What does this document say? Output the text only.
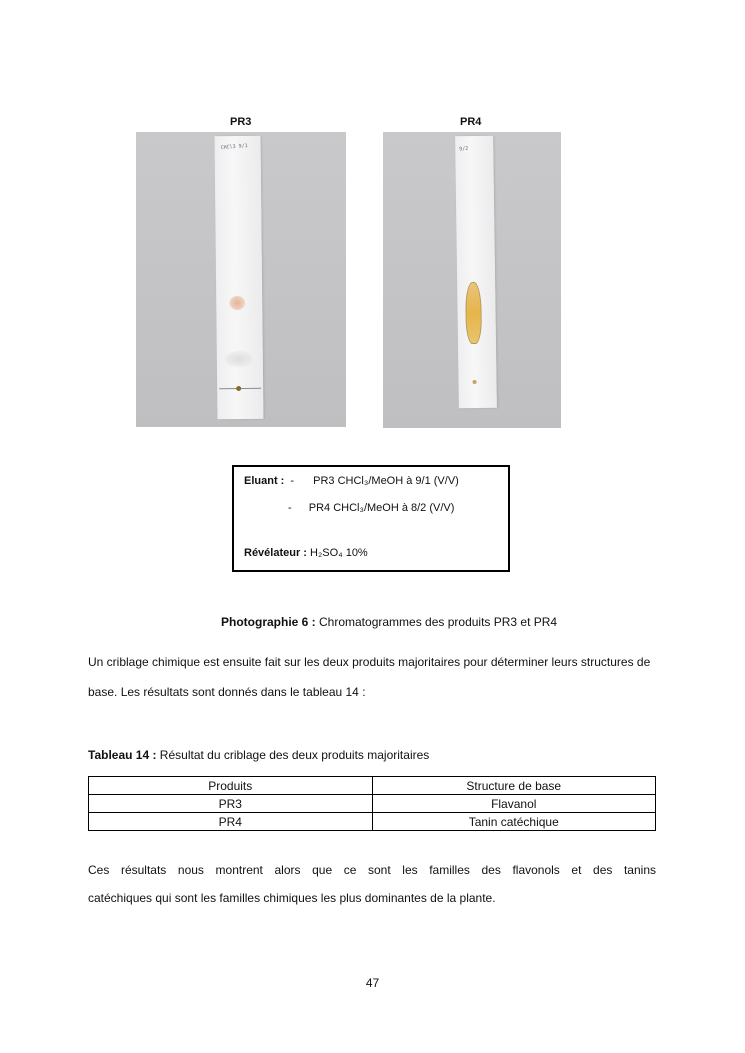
PR3	PR4
CHCl3 9/1	9/2
Eluant : - PR3 CHCl₃/MeOH à 9/1 (V/V)
- PR4 CHCl₃/MeOH à 8/2 (V/V)
Révélateur : H₂SO₄ 10%
Photographie 6 : Chromatogrammes des produits PR3 et PR4
Un criblage chimique est ensuite fait sur les deux produits majoritaires pour déterminer leurs structures de base. Les résultats sont donnés dans le tableau 14 :
Tableau 14 : Résultat du criblage des deux produits majoritaires
Produits	Structure de base
PR3	Flavanol
PR4	Tanin catéchique
Ces résultats nous montrent alors que ce sont les familles des flavonols et des tanins
catéchiques qui sont les familles chimiques les plus dominantes de la plante.
47
